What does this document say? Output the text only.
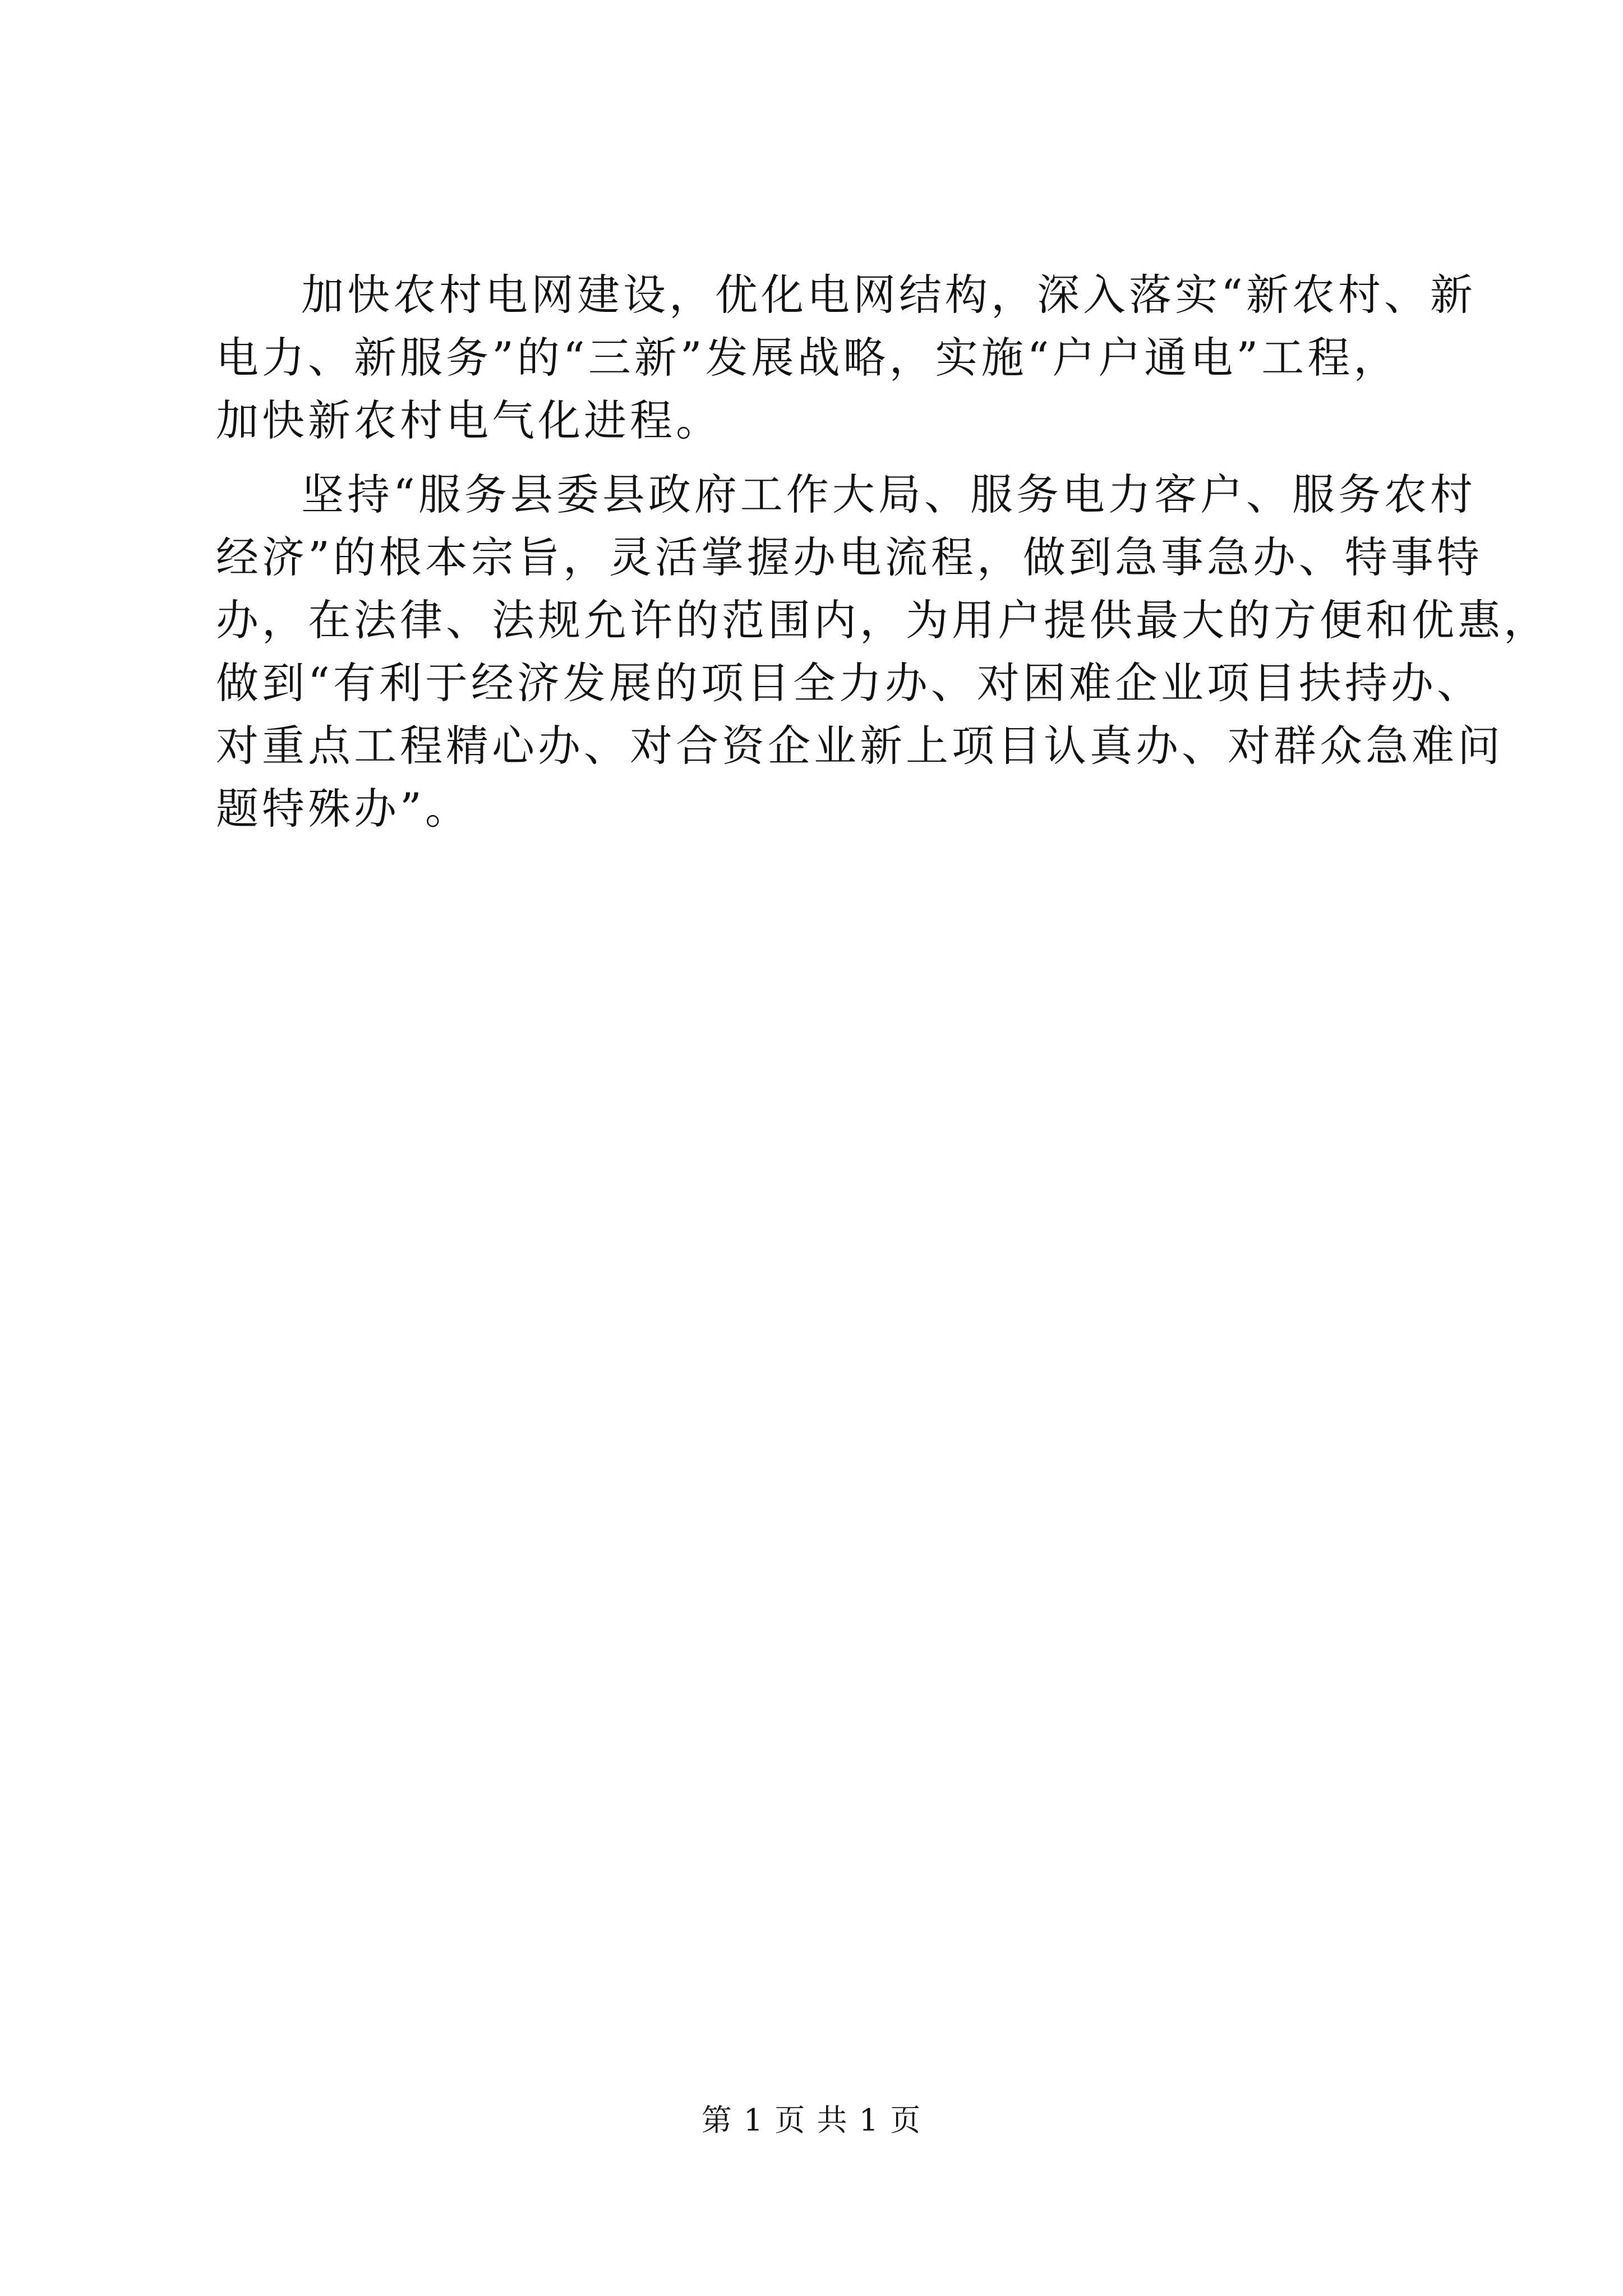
加快农村电网建设，优化电网结构，深入落实“新农村、新
电力、新服务”的“三新”发展战略，实施“户户通电”工程，
加快新农村电气化进程。
坚持“服务县委县政府工作大局、服务电力客户、服务农村
经济”的根本宗旨，灵活掌握办电流程，做到急事急办、特事特
办，在法律、法规允许的范围内，为用户提供最大的方便和优惠，
做到“有利于经济发展的项目全力办、对困难企业项目扶持办、
对重点工程精心办、对合资企业新上项目认真办、对群众急难问
题特殊办”。
第 1 页 共 1 页
